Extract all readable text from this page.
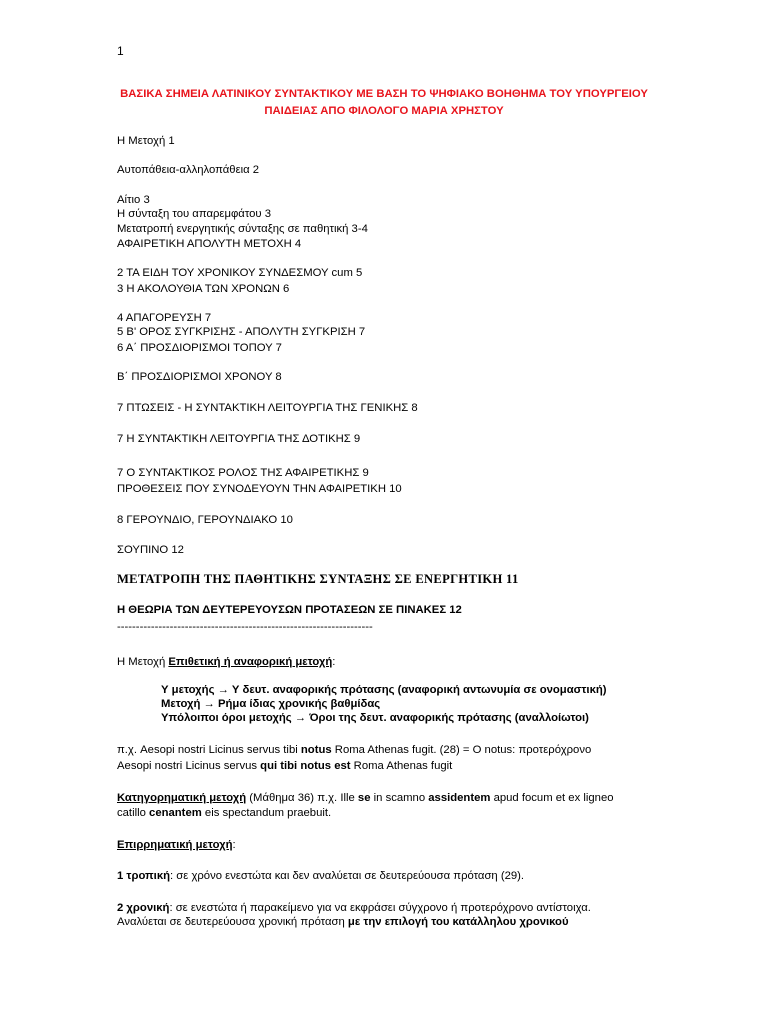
1
ΒΑΣΙΚΑ ΣΗΜΕΙΑ ΛΑΤΙΝΙΚΟΥ ΣΥΝΤΑΚΤΙΚΟΥ ΜΕ ΒΑΣΗ ΤΟ ΨΗΦΙΑΚΟ ΒΟΗΘΗΜΑ ΤΟΥ ΥΠΟΥΡΓΕΙΟΥ
ΠΑΙΔΕΙΑΣ ΑΠΟ ΦΙΛΟΛΟΓΟ ΜΑΡΙΑ ΧΡΗΣΤΟΥ
Η Μετοχή 1
Αυτοπάθεια-αλληλοπάθεια 2
Αίτιο 3
Η σύνταξη του απαρεμφάτου 3
Μετατροπή ενεργητικής σύνταξης σε παθητική 3-4
ΑΦΑΙΡΕΤΙΚΗ ΑΠΟΛΥΤΗ ΜΕΤΟΧΗ 4
2 ΤΑ ΕΙΔΗ ΤΟΥ ΧΡΟΝΙΚΟΥ ΣΥΝΔΕΣΜΟΥ cum 5
3 Η ΑΚΟΛΟΥΘΙΑ ΤΩΝ ΧΡΟΝΩΝ 6
4 ΑΠΑΓΟΡΕΥΣΗ 7
5 Β' ΟΡΟΣ ΣΥΓΚΡΙΣΗΣ - ΑΠΟΛΥΤΗ ΣΥΓΚΡΙΣΗ 7
6 Α΄ ΠΡΟΣΔΙΟΡΙΣΜΟΙ ΤΟΠΟΥ 7
Β΄ ΠΡΟΣΔΙΟΡΙΣΜΟΙ ΧΡΟΝΟΥ 8
7 ΠΤΩΣΕΙΣ - Η ΣΥΝΤΑΚΤΙΚΗ ΛΕΙΤΟΥΡΓΙΑ ΤΗΣ ΓΕΝΙΚΗΣ 8
7 Η ΣΥΝΤΑΚΤΙΚΗ ΛΕΙΤΟΥΡΓΙΑ ΤΗΣ ΔΟΤΙΚΗΣ 9
7 Ο ΣΥΝΤΑΚΤΙΚΟΣ ΡΟΛΟΣ ΤΗΣ ΑΦΑΙΡΕΤΙΚΗΣ 9
ΠΡΟΘΕΣΕΙΣ ΠΟΥ ΣΥΝΟΔΕΥΟΥΝ ΤΗΝ ΑΦΑΙΡΕΤΙΚΗ 10
8 ΓΕΡΟΥΝΔΙΟ, ΓΕΡΟΥΝΔΙΑΚΟ 10
ΣΟΥΠΙΝΟ 12
ΜΕΤΑΤΡΟΠΗ ΤΗΣ ΠΑΘΗΤΙΚΗΣ ΣΥΝΤΑΞΗΣ ΣΕ ΕΝΕΡΓΗΤΙΚΗ 11
Η ΘΕΩΡΙΑ ΤΩΝ ΔΕΥΤΕΡΕΥΟΥΣΩΝ ΠΡΟΤΑΣΕΩΝ ΣΕ ΠΙΝΑΚΕΣ 12
--------------------------------------------------------------------
Η Μετοχή Επιθετική ή αναφορική μετοχή:
Υ μετοχής → Υ δευτ. αναφορικής πρότασης (αναφορική αντωνυμία σε ονομαστική)
Μετοχή → Ρήμα ίδιας χρονικής βαθμίδας
Υπόλοιποι όροι μετοχής → Όροι της δευτ. αναφορικής πρότασης (αναλλοίωτοι)
π.χ. Aesopi nostri Licinus servus tibi notus Roma Athenas fugit. (28) = O notus: προτερόχρονο
Aesopi nostri Licinus servus qui tibi notus est Roma Athenas fugit
Κατηγορηματική μετοχή (Μάθημα 36) π.χ. Ille se in scamno assidentem apud focum et ex ligneo
catillo cenantem eis spectandum praebuit.
Επιρρηματική μετοχή:
1 τροπική: σε χρόνο ενεστώτα και δεν αναλύεται σε δευτερεύουσα πρόταση (29).
2 χρονική: σε ενεστώτα ή παρακείμενο για να εκφράσει σύγχρονο ή προτερόχρονο αντίστοιχα.
Αναλύεται σε δευτερεύουσα χρονική πρόταση με την επιλογή του κατάλληλου χρονικού
